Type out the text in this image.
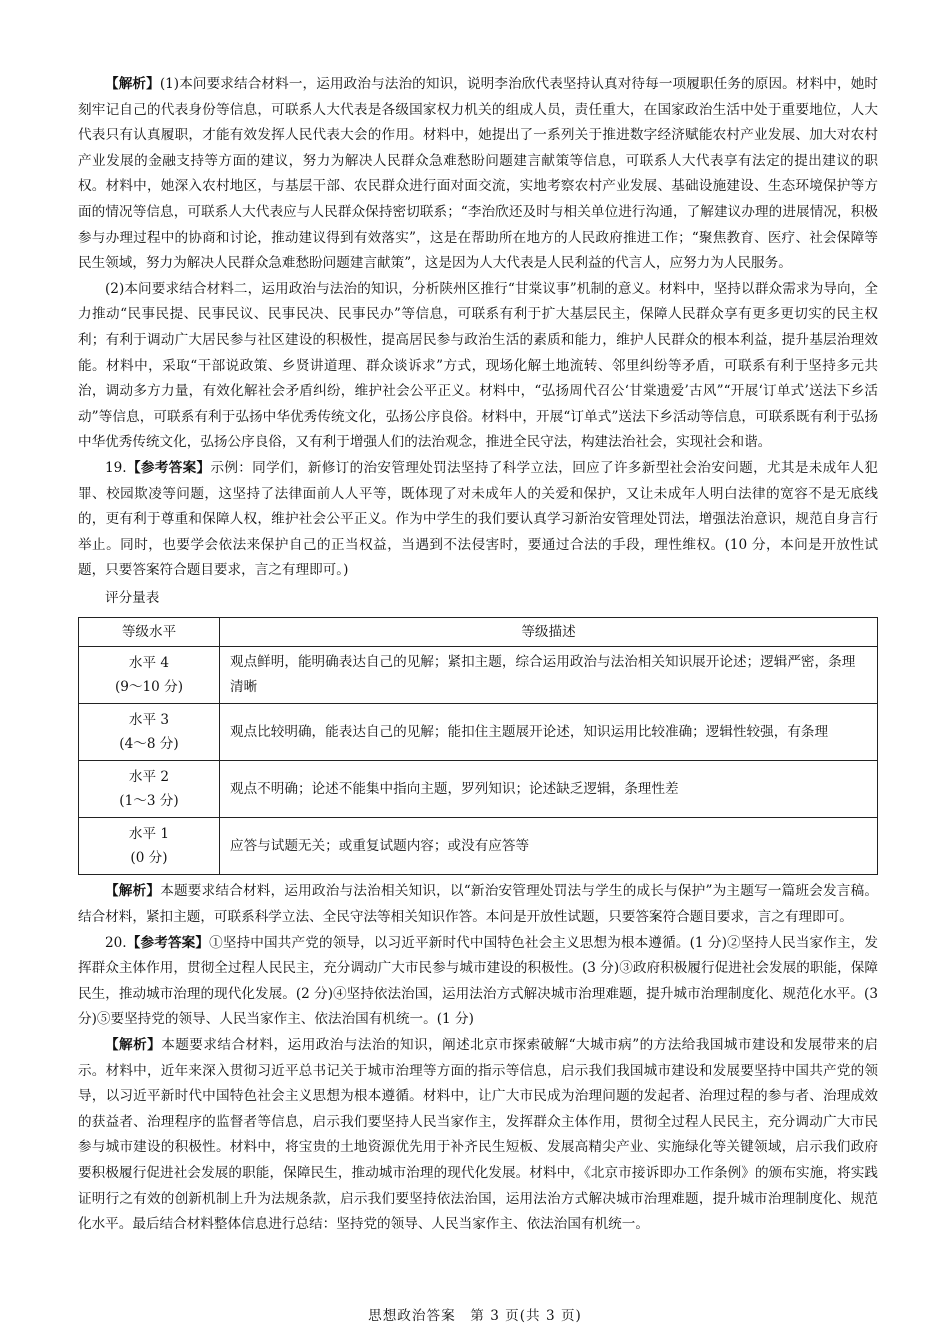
【解析】(1)本问要求结合材料一，运用政治与法治的知识，说明李治欣代表坚持认真对待每一项履职任务的原因。材料中，她时刻牢记自己的代表身份等信息，可联系人大代表是各级国家权力机关的组成人员，责任重大，在国家政治生活中处于重要地位，人大代表只有认真履职，才能有效发挥人民代表大会的作用。材料中，她提出了一系列关于推进数字经济赋能农村产业发展、加大对农村产业发展的金融支持等方面的建议，努力为解决人民群众急难愁盼问题建言献策等信息，可联系人大代表享有法定的提出建议的职权。材料中，她深入农村地区，与基层干部、农民群众进行面对面交流，实地考察农村产业发展、基础设施建设、生态环境保护等方面的情况等信息，可联系人大代表应与人民群众保持密切联系；“李治欣还及时与相关单位进行沟通，了解建议办理的进展情况，积极参与办理过程中的协商和讨论，推动建议得到有效落实”，这是在帮助所在地方的人民政府推进工作；“聚焦教育、医疗、社会保障等民生领域，努力为解决人民群众急难愁盼问题建言献策”，这是因为人大代表是人民利益的代言人，应努力为人民服务。

(2)本问要求结合材料二，运用政治与法治的知识，分析陕州区推行“甘棠议事”机制的意义。材料中，坚持以群众需求为导向，全力推动“民事民提、民事民议、民事民决、民事民办”等信息，可联系有利于扩大基层民主，保障人民群众享有更多更切实的民主权利；有利于调动广大居民参与社区建设的积极性，提高居民参与政治生活的素质和能力，维护人民群众的根本利益，提升基层治理效能。材料中，采取“干部说政策、乡贤讲道理、群众谈诉求”方式，现场化解土地流转、邻里纠纷等矛盾，可联系有利于坚持多元共治，调动多方力量，有效化解社会矛盾纠纷，维护社会公平正义。材料中，“弘扬周代召公‘甘棠遗爱’古风”“开展‘订单式’送法下乡活动”等信息，可联系有利于弘扬中华优秀传统文化，弘扬公序良俗。材料中，开展“订单式”送法下乡活动等信息，可联系既有利于弘扬中华优秀传统文化，弘扬公序良俗，又有利于增强人们的法治观念，推进全民守法，构建法治社会，实现社会和谐。

19.【参考答案】示例：同学们，新修订的治安管理处罚法坚持了科学立法，回应了许多新型社会治安问题，尤其是未成年人犯罪、校园欺凌等问题，这坚持了法律面前人人平等，既体现了对未成年人的关爱和保护，又让未成年人明白法律的宽容不是无底线的，更有利于尊重和保障人权，维护社会公平正义。作为中学生的我们要认真学习新治安管理处罚法，增强法治意识，规范自身言行举止。同时，也要学会依法来保护自己的正当权益，当遇到不法侵害时，要通过合法的手段，理性维权。(10 分，本问是开放性试题，只要答案符合题目要求，言之有理即可。)

评分量表

等级水平	等级描述

水平 4
(9～10 分)	观点鲜明，能明确表达自己的见解；紧扣主题，综合运用政治与法治相关知识展开论述；逻辑严密，条理清晰

水平 3
(4～8 分)	观点比较明确，能表达自己的见解；能扣住主题展开论述，知识运用比较准确；逻辑性较强，有条理

水平 2
(1～3 分)	观点不明确；论述不能集中指向主题，罗列知识；论述缺乏逻辑，条理性差

水平 1
(0 分)	应答与试题无关；或重复试题内容；或没有应答等

【解析】本题要求结合材料，运用政治与法治相关知识，以“新治安管理处罚法与学生的成长与保护”为主题写一篇班会发言稿。结合材料，紧扣主题，可联系科学立法、全民守法等相关知识作答。本问是开放性试题，只要答案符合题目要求，言之有理即可。

20.【参考答案】①坚持中国共产党的领导，以习近平新时代中国特色社会主义思想为根本遵循。(1 分)②坚持人民当家作主，发挥群众主体作用，贯彻全过程人民民主，充分调动广大市民参与城市建设的积极性。(3 分)③政府积极履行促进社会发展的职能，保障民生，推动城市治理的现代化发展。(2 分)④坚持依法治国，运用法治方式解决城市治理难题，提升城市治理制度化、规范化水平。(3 分)⑤要坚持党的领导、人民当家作主、依法治国有机统一。(1 分)

【解析】本题要求结合材料，运用政治与法治的知识，阐述北京市探索破解“大城市病”的方法给我国城市建设和发展带来的启示。材料中，近年来深入贯彻习近平总书记关于城市治理等方面的指示等信息，启示我们我国城市建设和发展要坚持中国共产党的领导，以习近平新时代中国特色社会主义思想为根本遵循。材料中，让广大市民成为治理问题的发起者、治理过程的参与者、治理成效的获益者、治理程序的监督者等信息，启示我们要坚持人民当家作主，发挥群众主体作用，贯彻全过程人民民主，充分调动广大市民参与城市建设的积极性。材料中，将宝贵的土地资源优先用于补齐民生短板、发展高精尖产业、实施绿化等关键领域，启示我们政府要积极履行促进社会发展的职能，保障民生，推动城市治理的现代化发展。材料中，《北京市接诉即办工作条例》的颁布实施，将实践证明行之有效的创新机制上升为法规条款，启示我们要坚持依法治国，运用法治方式解决城市治理难题，提升城市治理制度化、规范化水平。最后结合材料整体信息进行总结：坚持党的领导、人民当家作主、依法治国有机统一。

思想政治答案　第 3 页(共 3 页)
